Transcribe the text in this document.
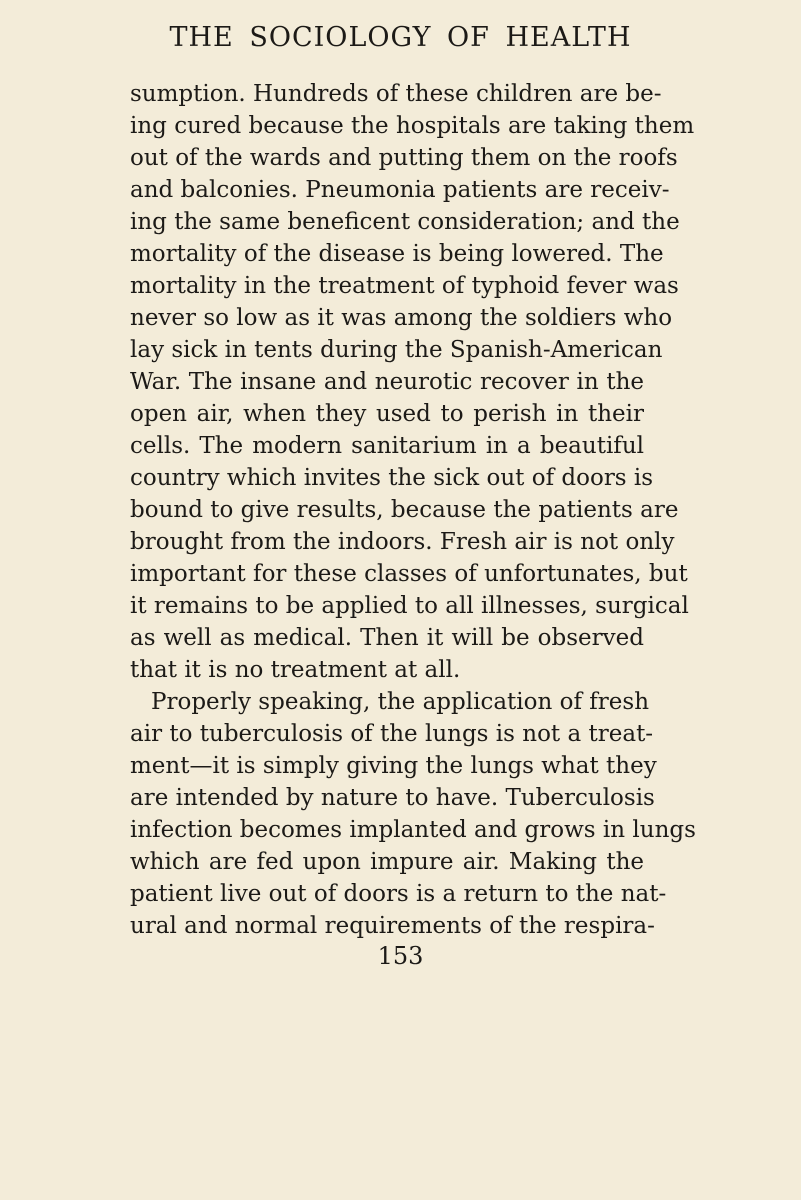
THE SOCIOLOGY OF HEALTH
sumption. Hundreds of these children are be-
ing cured because the hospitals are taking them
out of the wards and putting them on the roofs
and balconies. Pneumonia patients are receiv-
ing the same beneficent consideration; and the
mortality of the disease is being lowered. The
mortality in the treatment of typhoid fever was
never so low as it was among the soldiers who
lay sick in tents during the Spanish-American
War. The insane and neurotic recover in the
open air, when they used to perish in their
cells. The modern sanitarium in a beautiful
country which invites the sick out of doors is
bound to give results, because the patients are
brought from the indoors. Fresh air is not only
important for these classes of unfortunates, but
it remains to be applied to all illnesses, surgical
as well as medical. Then it will be observed
that it is no treatment at all.
Properly speaking, the application of fresh
air to tuberculosis of the lungs is not a treat-
ment—it is simply giving the lungs what they
are intended by nature to have. Tuberculosis
infection becomes implanted and grows in lungs
which are fed upon impure air. Making the
patient live out of doors is a return to the nat-
ural and normal requirements of the respira-
153
